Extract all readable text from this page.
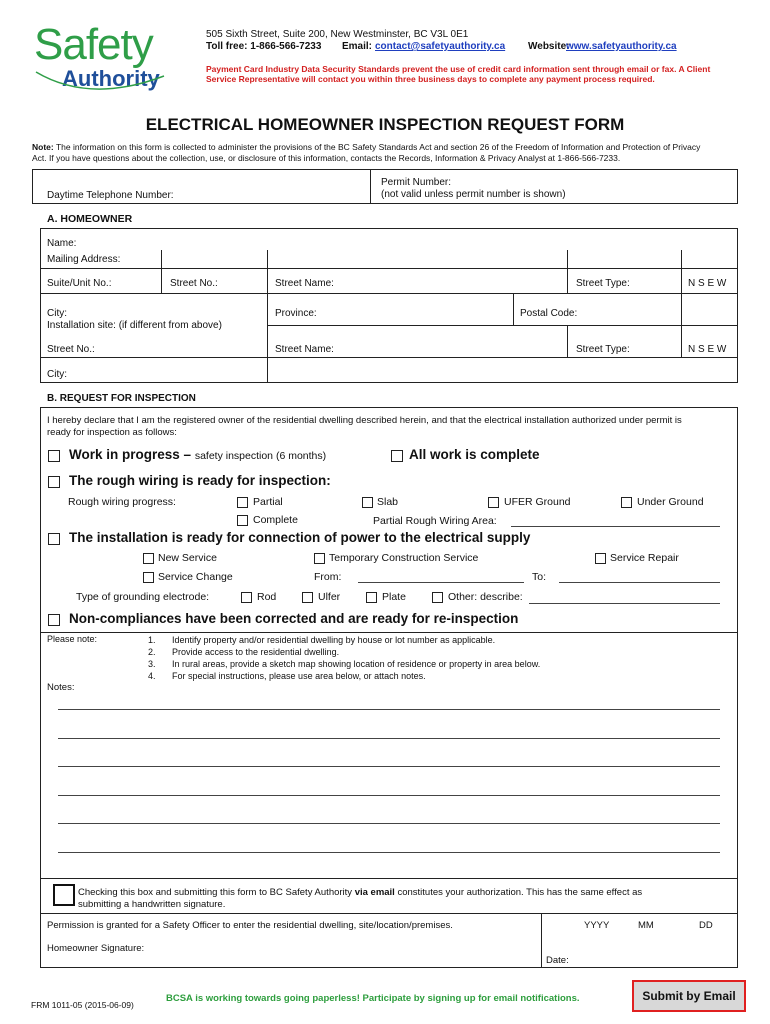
Safety
Authority
505 Sixth Street, Suite 200, New Westminster, BC V3L 0E1
Toll free: 1-866-566-7233 Email: contact@safetyauthority.ca Website:
www.safetyauthority.ca
Payment Card Industry Data Security Standards prevent the use of credit card information sent through email or fax. A Client
Service Representative will contact you within three business days to complete any payment process required.
ELECTRICAL HOMEOWNER INSPECTION REQUEST FORM
Note: The information on this form is collected to administer the provisions of the BC Safety Standards Act and section 26 of the Freedom of Information and Protection of Privacy
Act. If you have questions about the collection, use, or disclosure of this information, contacts the Records, Information & Privacy Analyst at 1-866-566-7233.
Daytime Telephone Number:
Permit Number:
(not valid unless permit number is shown)
A. HOMEOWNER
Name:
Mailing Address:
Suite/Unit No.:	Street No.:	Street Name:	Street Type:	N S E W
City:	Province:	Postal Code:
Installation site: (if different from above)
Street No.:	Street Name:	Street Type:	N S E W
City:
B. REQUEST FOR INSPECTION
I hereby declare that I am the registered owner of the residential dwelling described herein, and that the electrical installation authorized under permit is
ready for inspection as follows:
Work in progress – safety inspection (6 months)	All work is complete
The rough wiring is ready for inspection:
Rough wiring progress:	Partial	Slab	UFER Ground	Under Ground
Complete	Partial Rough Wiring Area:
The installation is ready for connection of power to the electrical supply
New Service	Temporary Construction Service	Service Repair
Service Change	From:	To:
Type of grounding electrode:	Rod	Ulfer	Plate	Other: describe:
Non-compliances have been corrected and are ready for re-inspection
Please note:	1. Identify property and/or residential dwelling by house or lot number as applicable.
2. Provide access to the residential dwelling.
3. In rural areas, provide a sketch map showing location of residence or property in area below.
4. For special instructions, please use area below, or attach notes.
Notes:
Checking this box and submitting this form to BC Safety Authority via email constitutes your authorization. This has the same effect as
submitting a handwritten signature.
Permission is granted for a Safety Officer to enter the residential dwelling, site/location/premises.	YYYY	MM	DD
Homeowner Signature:
Date:
FRM 1011-05 (2015-06-09)
BCSA is working towards going paperless! Participate by signing up for email notifications.	Submit by Email
